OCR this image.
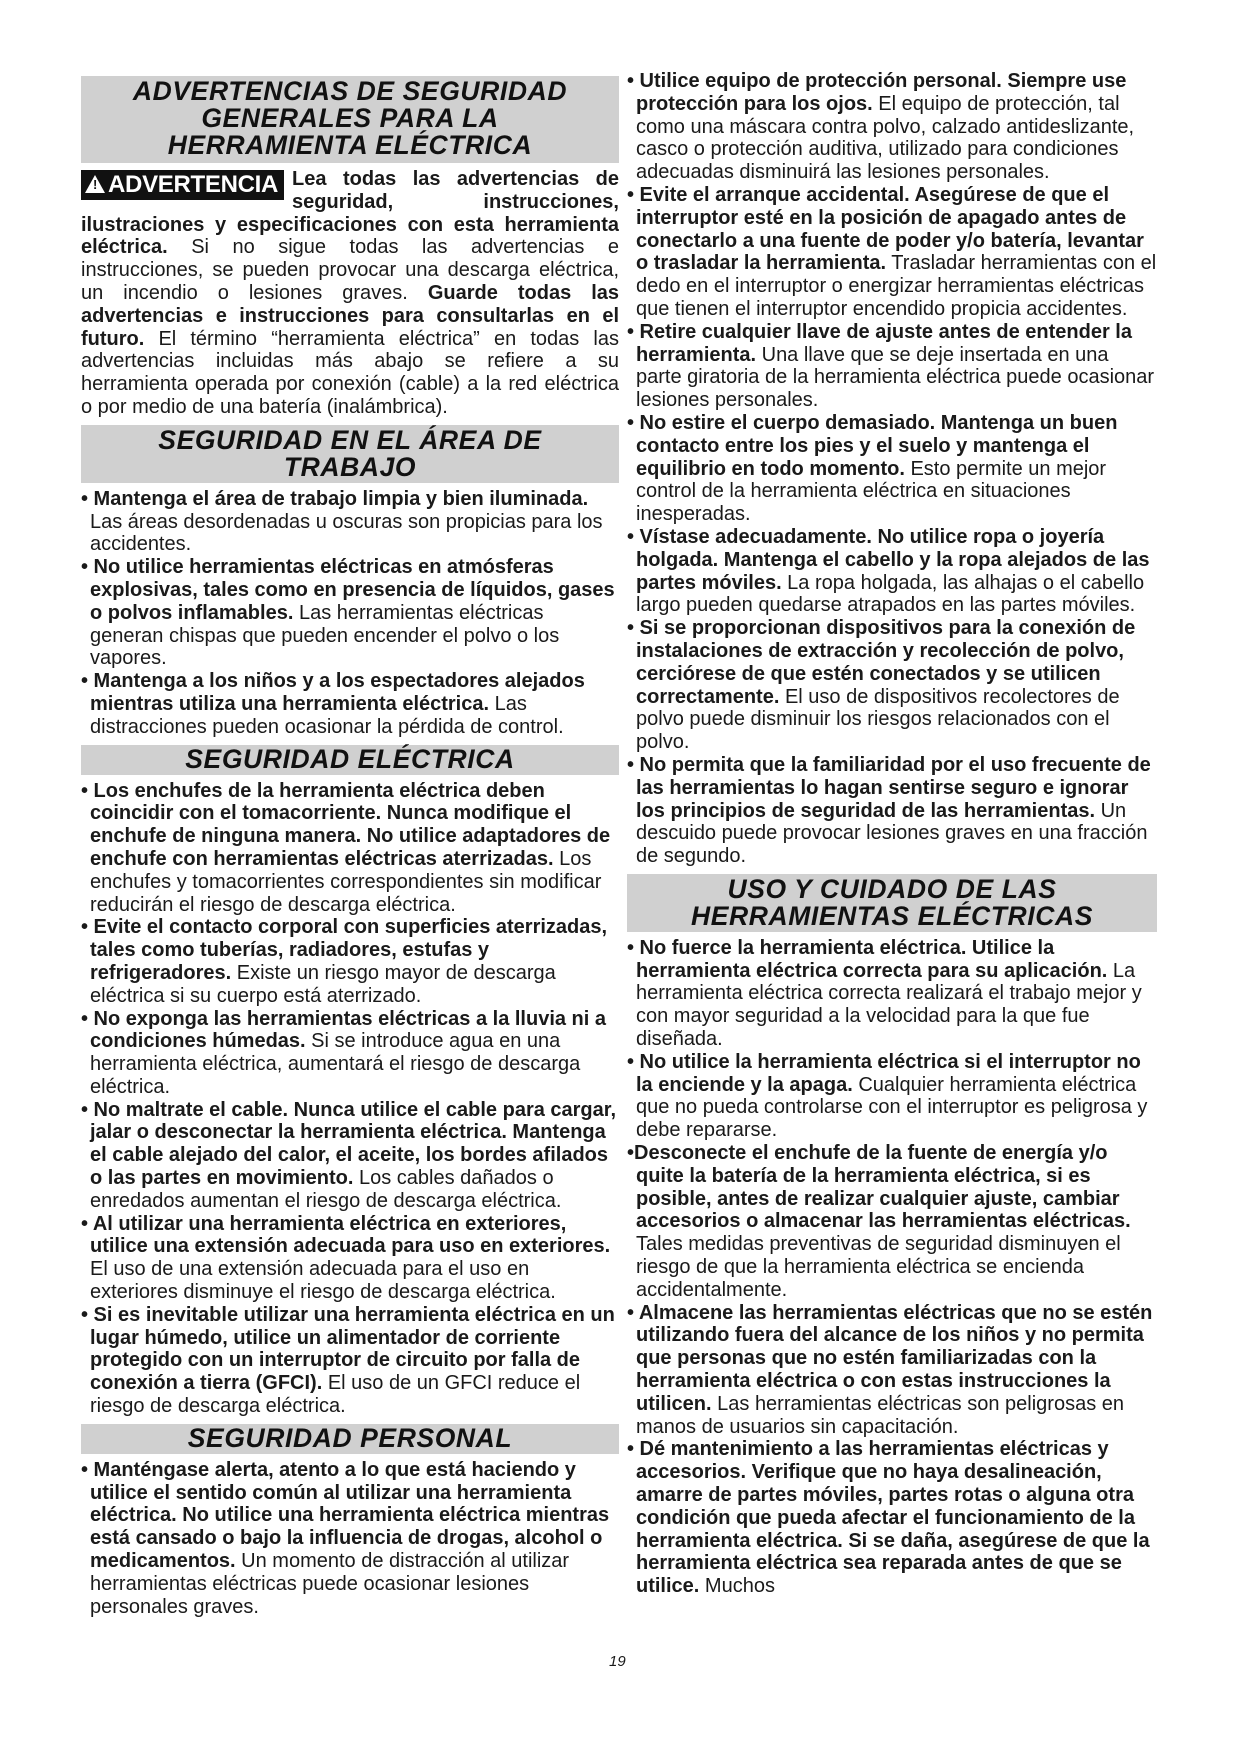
ADVERTENCIAS DE SEGURIDAD GENERALES PARA LA HERRAMIENTA ELÉCTRICA
! ADVERTENCIA Lea todas las advertencias de seguridad, instrucciones, ilustraciones y especificaciones con esta herramienta eléctrica. Si no sigue todas las advertencias e instrucciones, se pueden provocar una descarga eléctrica, un incendio o lesiones graves. Guarde todas las advertencias e instrucciones para consultarlas en el futuro. El término “herramienta eléctrica” en todas las advertencias incluidas más abajo se refiere a su herramienta operada por conexión (cable) a la red eléctrica o por medio de una batería (inalámbrica).

SEGURIDAD EN EL ÁREA DE TRABAJO

• Mantenga el área de trabajo limpia y bien iluminada. Las áreas desordenadas u oscuras son propicias para los accidentes.

• No utilice herramientas eléctricas en atmósferas explosivas, tales como en presencia de líquidos, gases o polvos inflamables. Las herramientas eléctricas generan chispas que pueden encender el polvo o los vapores.

• Mantenga a los niños y a los espectadores alejados mientras utiliza una herramienta eléctrica. Las distracciones pueden ocasionar la pérdida de control.

SEGURIDAD ELÉCTRICA

• Los enchufes de la herramienta eléctrica deben coincidir con el tomacorriente. Nunca modifique el enchufe de ninguna manera. No utilice adaptadores de enchufe con herramientas eléctricas aterrizadas. Los enchufes y tomacorrientes correspondientes sin modificar reducirán el riesgo de descarga eléctrica.

• Evite el contacto corporal con superficies aterrizadas, tales como tuberías, radiadores, estufas y refrigeradores. Existe un riesgo mayor de descarga eléctrica si su cuerpo está aterrizado.

• No exponga las herramientas eléctricas a la lluvia ni a condiciones húmedas. Si se introduce agua en una herramienta eléctrica, aumentará el riesgo de descarga eléctrica.

• No maltrate el cable. Nunca utilice el cable para cargar, jalar o desconectar la herramienta eléctrica. Mantenga el cable alejado del calor, el aceite, los bordes afilados o las partes en movimiento. Los cables dañados o enredados aumentan el riesgo de descarga eléctrica.

• Al utilizar una herramienta eléctrica en exteriores, utilice una extensión adecuada para uso en exteriores. El uso de una extensión adecuada para el uso en exteriores disminuye el riesgo de descarga eléctrica.

• Si es inevitable utilizar una herramienta eléctrica en un lugar húmedo, utilice un alimentador de corriente protegido con un interruptor de circuito por falla de conexión a tierra (GFCI). El uso de un GFCI reduce el riesgo de descarga eléctrica.

SEGURIDAD PERSONAL

• Manténgase alerta, atento a lo que está haciendo y utilice el sentido común al utilizar una herramienta eléctrica. No utilice una herramienta eléctrica mientras está cansado o bajo la influencia de drogas, alcohol o medicamentos. Un momento de distracción al utilizar herramientas eléctricas puede ocasionar lesiones personales graves.

• Utilice equipo de protección personal. Siempre use protección para los ojos. El equipo de protección, tal como una máscara contra polvo, calzado antideslizante, casco o protección auditiva, utilizado para condiciones adecuadas disminuirá las lesiones personales.

• Evite el arranque accidental. Asegúrese de que el interruptor esté en la posición de apagado antes de conectarlo a una fuente de poder y/o batería, levantar o trasladar la herramienta. Trasladar herramientas con el dedo en el interruptor o energizar herramientas eléctricas que tienen el interruptor encendido propicia accidentes.

• Retire cualquier llave de ajuste antes de entender la herramienta. Una llave que se deje insertada en una parte giratoria de la herramienta eléctrica puede ocasionar lesiones personales.

• No estire el cuerpo demasiado. Mantenga un buen contacto entre los pies y el suelo y mantenga el equilibrio en todo momento. Esto permite un mejor control de la herramienta eléctrica en situaciones inesperadas.

• Vístase adecuadamente. No utilice ropa o joyería holgada. Mantenga el cabello y la ropa alejados de las partes móviles. La ropa holgada, las alhajas o el cabello largo pueden quedarse atrapados en las partes móviles.

• Si se proporcionan dispositivos para la conexión de instalaciones de extracción y recolección de polvo, cerciórese de que estén conectados y se utilicen correctamente. El uso de dispositivos recolectores de polvo puede disminuir los riesgos relacionados con el polvo.

• No permita que la familiaridad por el uso frecuente de las herramientas lo hagan sentirse seguro e ignorar los principios de seguridad de las herramientas. Un descuido puede provocar lesiones graves en una fracción de segundo.

USO Y CUIDADO DE LAS HERRAMIENTAS ELÉCTRICAS

• No fuerce la herramienta eléctrica. Utilice la herramienta eléctrica correcta para su aplicación. La herramienta eléctrica correcta realizará el trabajo mejor y con mayor seguridad a la velocidad para la que fue diseñada.

• No utilice la herramienta eléctrica si el interruptor no la enciende y la apaga. Cualquier herramienta eléctrica que no pueda controlarse con el interruptor es peligrosa y debe repararse.

•Desconecte el enchufe de la fuente de energía y/o quite la batería de la herramienta eléctrica, si es posible, antes de realizar cualquier ajuste, cambiar accesorios o almacenar las herramientas eléctricas. Tales medidas preventivas de seguridad disminuyen el riesgo de que la herramienta eléctrica se encienda accidentalmente.

• Almacene las herramientas eléctricas que no se estén utilizando fuera del alcance de los niños y no permita que personas que no estén familiarizadas con la herramienta eléctrica o con estas instrucciones la utilicen. Las herramientas eléctricas son peligrosas en manos de usuarios sin capacitación.

• Dé mantenimiento a las herramientas eléctricas y accesorios. Verifique que no haya desalineación, amarre de partes móviles, partes rotas o alguna otra condición que pueda afectar el funcionamiento de la herramienta eléctrica. Si se daña, asegúrese de que la herramienta eléctrica sea reparada antes de que se utilice. Muchos

19
